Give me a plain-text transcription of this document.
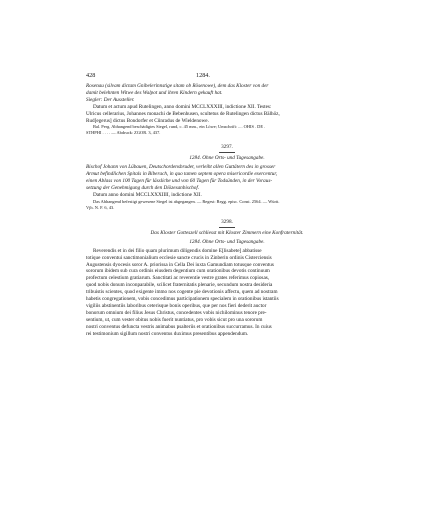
428	1284.

Rosenau (silvam dictam Gnibelerinnstige sitam ob Rösenowe), dem das Kloster von der

damit belehnten Witwe des Walpot und ihren Kindern gekauft hat.

Siegler: Der Aussteller.

Datum et actum apud Rutelingen, anno domini MCCLXXXIII, indictione XII. Testes:

Ulricus cellerarius, Johannes monachi de Bebenhusen, scultetus de Rutelingen dictus Bälhöz,

Rud[egerus] dictus Bondorfer et Cůnradus de Wieldenowe.

Bal. Perg. Abhangend beschädigtes Siegel, rund, c. 45 mm., ein Löwe; Umschrift: .... OHIS . DE .

STHPHI . . . . — Abdruck: ZGOR. 3, 437.

3297.

1284. Ohne Orts- und Tagesangabe.

Bischof Johann von Lübauen, Deutschordensbruder, verleiht allen Guttätern des in grosser

Armut befindlichen Spitals in Biberach, in quo tamen septem opera misericordie exercentur,

einen Ablass von 100 Tagen für lässliche und von 60 Tagen für Todsünden, in der Voraus-

setzung der Genehmigung durch den Diözesanbischof.

Datum anno domini MCCLXXXIIII, indictione XII.

Das Abhangend befestigt gewesene Siegel ist abgegangen. — Regest: Regg. episc. Const. 2564. — Württ.

Vjh. N. F. 6, 43.

3298.

Das Kloster Gotteszell schliesst mit Kloster Zimmern eine Konfraternität.

1284. Ohne Orts- und Tagesangabe.

Reverendis et in dei filio quam plurimum diligendis domine E[lisabete] abbatisse

totique conventui sanctimonialium ecclesie sancte crucis in Zinberin ordinis Cisterciensis

Augustensis dyocesis soror A. priorissa in Cella Dei iuxta Gamundiam totusque conventus

sororum ibidem sub cura ordinis eiusdem degentium cum orationibus devotis continuum

profectum celestium gratiarum. Sanctitati ac reverentie vestre grates referimus copiosas,

quod nobis donum inconparabile, scilicet fraternitatis plenarie, secundum nostra desideria

tribuistis scientes, quod exigente immo nos cogente pie devotionis affectu, quem ad nostram

habetis congregationem, vobis concedimus participationem specialem in orationibus istantiis

vigiliis abstinentiis laboribus ceterisque bonis operibus, que per nos fieri dederit auctor

bonorum omnium dei filius Jesus Christus, concedentes vobis nichilominus tenore pre-

sentium, ut, cum vester obitus nobis fuerit nuntiatus, pro vobis sicut pro una sororum

nostri conventus defuncta vestris animabus psalteriis et orationibus succurramus. In cuius

rei testimonium sigillum nostri conventus duximus presentibus appendendum.
